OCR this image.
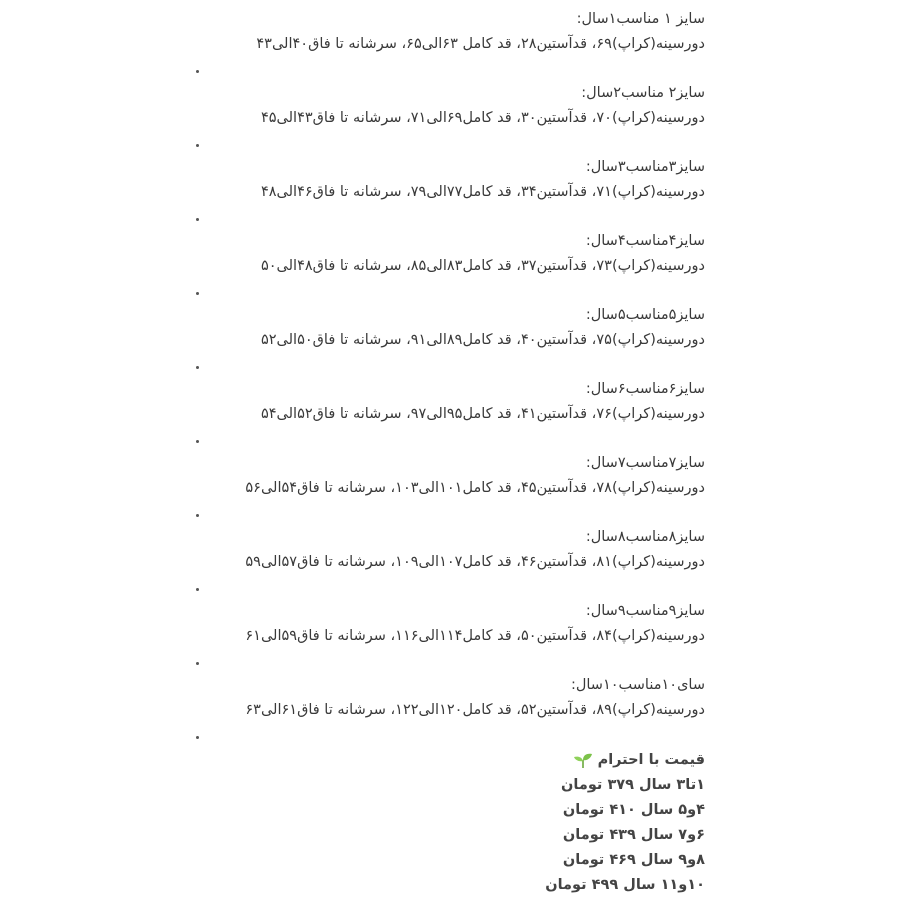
سایز ۱ مناسب۱سال:
دورسینه(کراپ)۶۹، قدآستین۲۸، قد کامل ۶۳الی۶۵، سرشانه تا فاق۴۰الی۴۳
سایز۲ مناسب۲سال:
دورسینه(کراپ)۷۰، قدآستین۳۰، قد کامل۶۹الی۷۱، سرشانه تا فاق۴۳الی۴۵
سایز۳مناسب۳سال:
دورسینه(کراپ)۷۱، قدآستین۳۴، قد کامل۷۷الی۷۹، سرشانه تا فاق۴۶الی۴۸
سایز۴مناسب۴سال:
دورسینه(کراپ)۷۳، قدآستین۳۷، قد کامل۸۳الی۸۵، سرشانه تا فاق۴۸الی۵۰
سایز۵مناسب۵سال:
دورسینه(کراپ)۷۵، قدآستین۴۰، قد کامل۸۹الی۹۱، سرشانه تا فاق۵۰الی۵۲
سایز۶مناسب۶سال:
دورسینه(کراپ)۷۶، قدآستین۴۱، قد کامل۹۵الی۹۷، سرشانه تا فاق۵۲الی۵۴
سایز۷مناسب۷سال:
دورسینه(کراپ)۷۸، قدآستین۴۵، قد کامل۱۰۱الی۱۰۳، سرشانه تا فاق۵۴الی۵۶
سایز۸مناسب۸سال:
دورسینه(کراپ)۸۱، قدآستین۴۶، قد کامل۱۰۷الی۱۰۹، سرشانه تا فاق۵۷الی۵۹
سایز۹مناسب۹سال:
دورسینه(کراپ)۸۴، قدآستین۵۰، قد کامل۱۱۴الی۱۱۶، سرشانه تا فاق۵۹الی۶۱
سای۱۰مناسب۱۰سال:
دورسینه(کراپ)۸۹، قدآستین۵۲، قد کامل۱۲۰الی۱۲۲، سرشانه تا فاق۶۱الی۶۳
قیمت با احترام
۱تا۳ سال ۳۷۹ تومان
۴و۵ سال ۴۱۰ تومان
۶و۷ سال ۴۳۹ تومان
۸و۹ سال ۴۶۹ تومان
۱۰و۱۱ سال ۴۹۹ تومان
